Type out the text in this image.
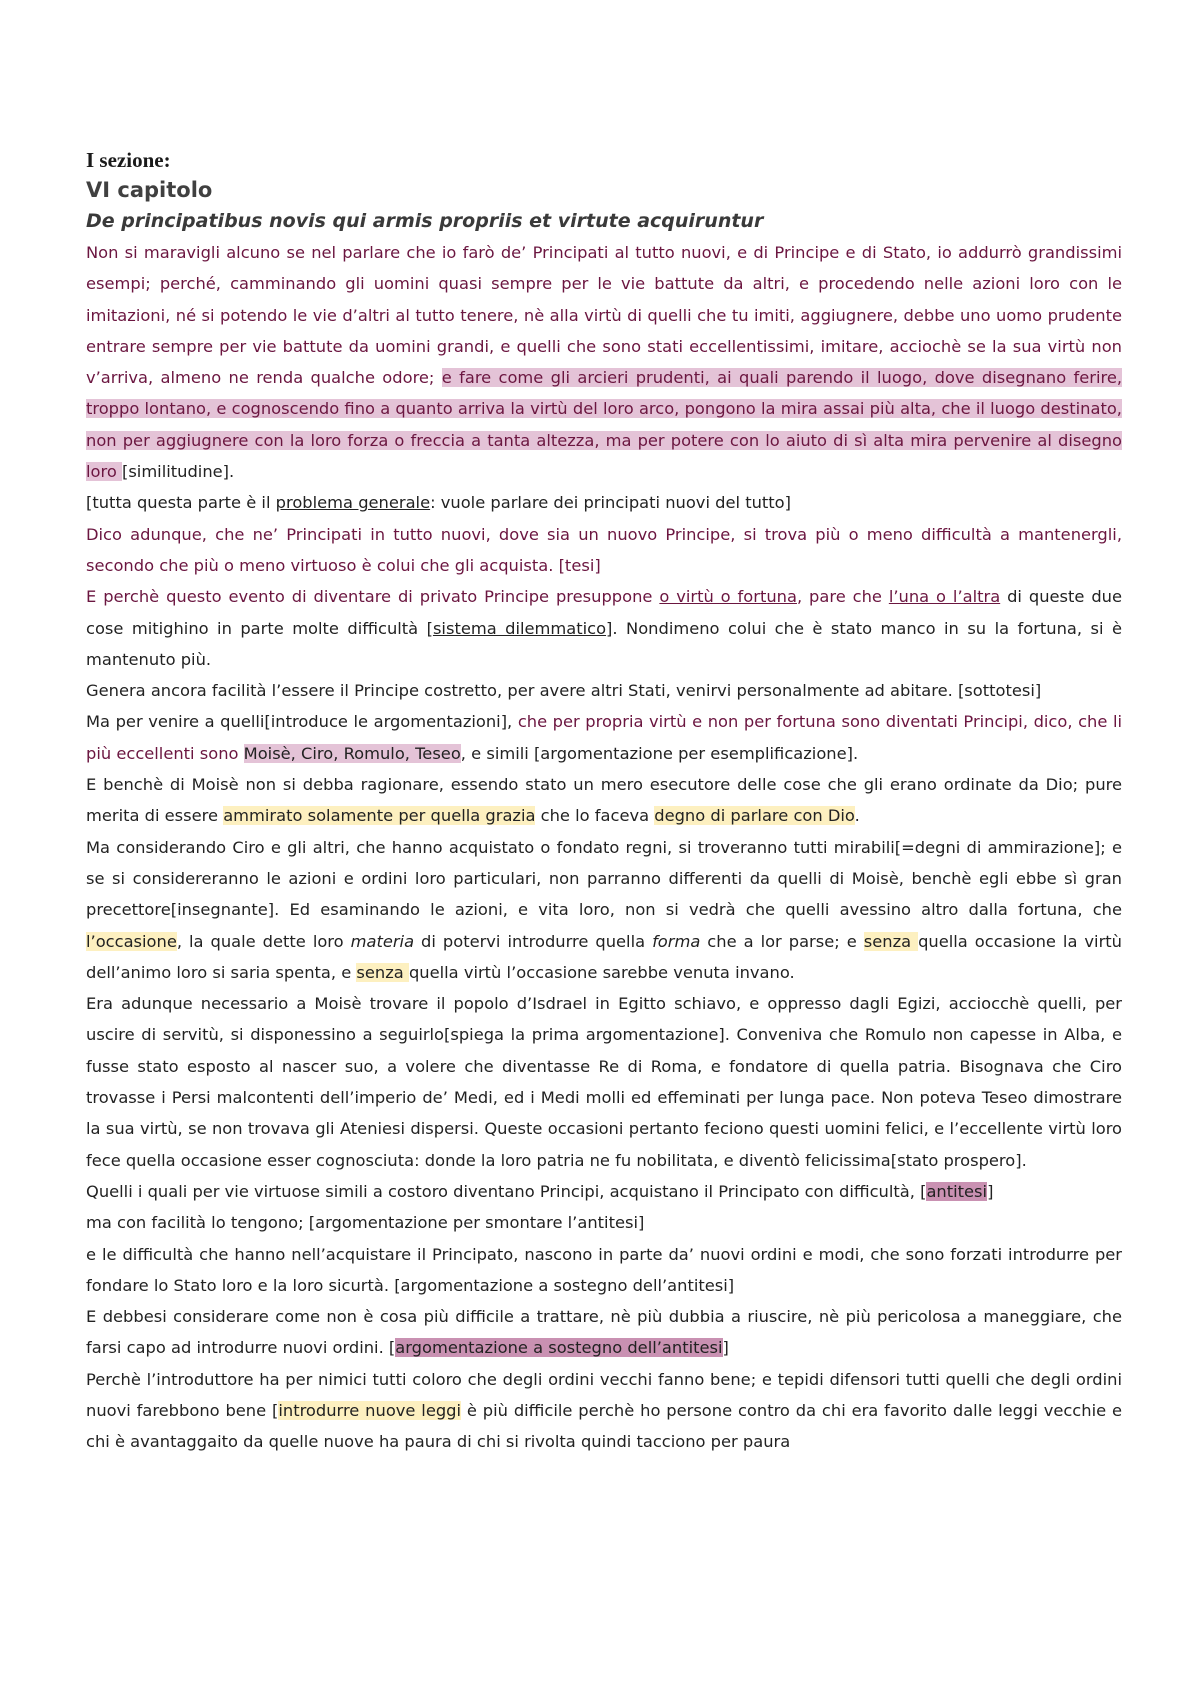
I sezione:
VI capitolo
De principatibus novis qui armis propriis et virtute acquiruntur

Non si maravigli alcuno se nel parlare che io farò de’ Principati al tutto nuovi, e di Principe e di Stato, io addurrò grandissimi esempi; perché, camminando gli uomini quasi sempre per le vie battute da altri, e procedendo nelle azioni loro con le imitazioni, né si potendo le vie d’altri al tutto tenere, nè alla virtù di quelli che tu imiti, aggiugnere, debbe uno uomo prudente entrare sempre per vie battute da uomini grandi, e quelli che sono stati eccellentissimi, imitare, acciochè se la sua virtù non v’arriva, almeno ne renda qualche odore; e fare come gli arcieri prudenti, ai quali parendo il luogo, dove disegnano ferire, troppo lontano, e cognoscendo fino a quanto arriva la virtù del loro arco, pongono la mira assai più alta, che il luogo destinato, non per aggiugnere con la loro forza o freccia a tanta altezza, ma per potere con lo aiuto di sì alta mira pervenire al disegno loro [similitudine].

[tutta questa parte è il problema generale: vuole parlare dei principati nuovi del tutto]

Dico adunque, che ne’ Principati in tutto nuovi, dove sia un nuovo Principe, si trova più o meno difficultà a mantenergli, secondo che più o meno virtuoso è colui che gli acquista. [tesi]

E perchè questo evento di diventare di privato Principe presuppone o virtù o fortuna, pare che l’una o l’altra di queste due cose mitighino in parte molte difficultà [sistema dilemmatico]. Nondimeno colui che è stato manco in su la fortuna, si è mantenuto più.

Genera ancora facilità l’essere il Principe costretto, per avere altri Stati, venirvi personalmente ad abitare. [sottotesi]

Ma per venire a quelli[introduce le argomentazioni], che per propria virtù e non per fortuna sono diventati Principi, dico, che li più eccellenti sono Moisè, Ciro, Romulo, Teseo, e simili [argomentazione per esemplificazione].

E benchè di Moisè non si debba ragionare, essendo stato un mero esecutore delle cose che gli erano ordinate da Dio; pure merita di essere ammirato solamente per quella grazia che lo faceva degno di parlare con Dio.

Ma considerando Ciro e gli altri, che hanno acquistato o fondato regni, si troveranno tutti mirabili[=degni di ammirazione]; e se si considereranno le azioni e ordini loro particulari, non parranno differenti da quelli di Moisè, benchè egli ebbe sì gran precettore[insegnante]. Ed esaminando le azioni, e vita loro, non si vedrà che quelli avessino altro dalla fortuna, che l’occasione, la quale dette loro materia di potervi introdurre quella forma che a lor parse; e senza quella occasione la virtù dell’animo loro si saria spenta, e senza quella virtù l’occasione sarebbe venuta invano.

Era adunque necessario a Moisè trovare il popolo d’Isdrael in Egitto schiavo, e oppresso dagli Egizi, acciocchè quelli, per uscire di servitù, si disponessino a seguirlo[spiega la prima argomentazione]. Conveniva che Romulo non capesse in Alba, e fusse stato esposto al nascer suo, a volere che diventasse Re di Roma, e fondatore di quella patria. Bisognava che Ciro trovasse i Persi malcontenti dell’imperio de’ Medi, ed i Medi molli ed effeminati per lunga pace. Non poteva Teseo dimostrare la sua virtù, se non trovava gli Ateniesi dispersi. Queste occasioni pertanto feciono questi uomini felici, e l’eccellente virtù loro fece quella occasione esser cognosciuta: donde la loro patria ne fu nobilitata, e diventò felicissima[stato prospero].

Quelli i quali per vie virtuose simili a costoro diventano Principi, acquistano il Principato con difficultà, [antitesi]

ma con facilità lo tengono; [argomentazione per smontare l’antitesi]

e le difficultà che hanno nell’acquistare il Principato, nascono in parte da’ nuovi ordini e modi, che sono forzati introdurre per fondare lo Stato loro e la loro sicurtà. [argomentazione a sostegno dell’antitesi]

E debbesi considerare come non è cosa più difficile a trattare, nè più dubbia a riuscire, nè più pericolosa a maneggiare, che farsi capo ad introdurre nuovi ordini. [argomentazione a sostegno dell’antitesi]

Perchè l’introduttore ha per nimici tutti coloro che degli ordini vecchi fanno bene; e tepidi difensori tutti quelli che degli ordini nuovi farebbono bene [introdurre nuove leggi è più difficile perchè ho persone contro da chi era favorito dalle leggi vecchie e chi è avantaggaito da quelle nuove ha paura di chi si rivolta quindi tacciono per paura
